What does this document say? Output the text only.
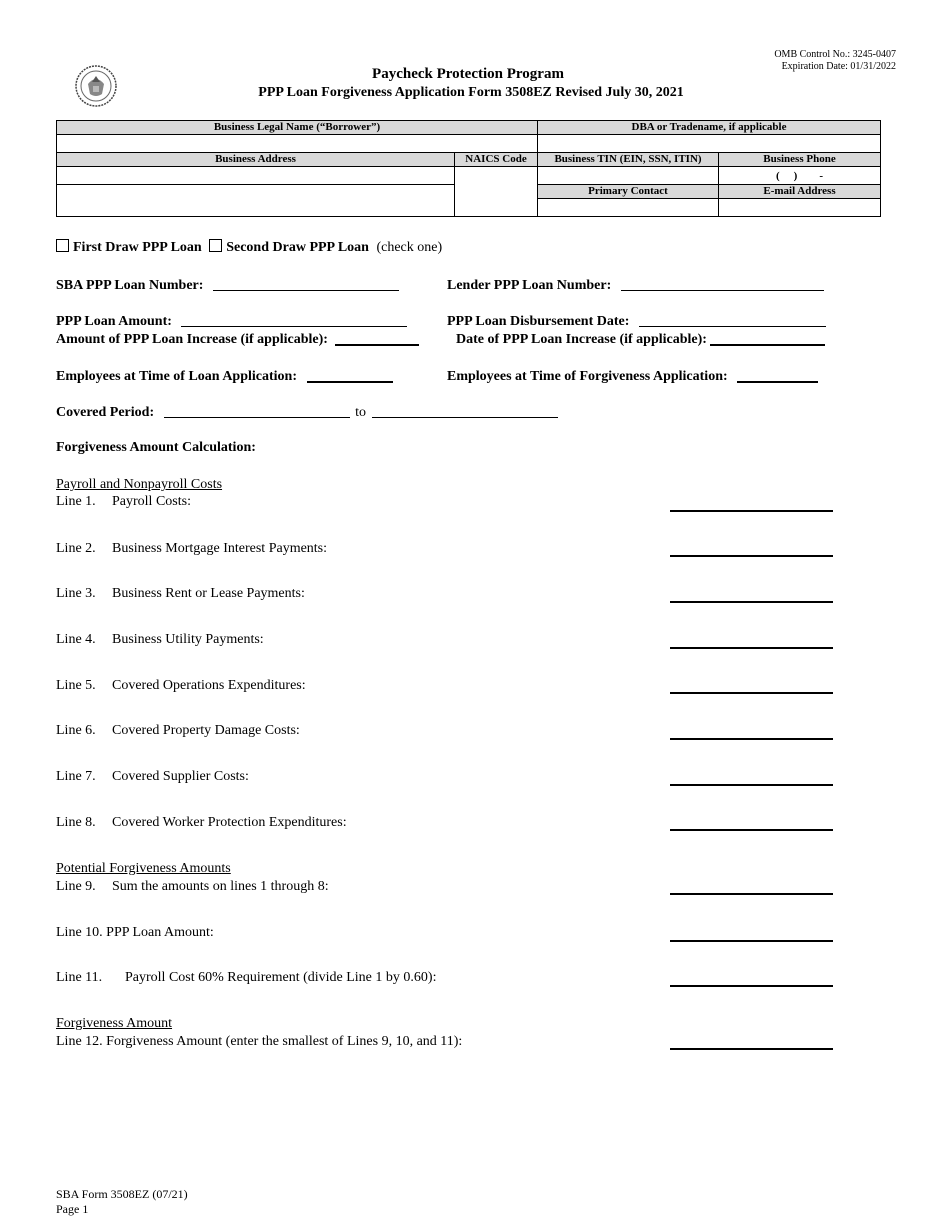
OMB Control No.: 3245-0407
Expiration Date: 01/31/2022
Paycheck Protection Program
PPP Loan Forgiveness Application Form 3508EZ Revised July 30, 2021
Business Legal Name (“Borrower”)		DBA or Tradename, if applicable	

Business Address	NAICS Code	Business TIN (EIN, SSN, ITIN)	Business Phone
			( ) -
		Primary Contact	E-mail Address

First Draw PPP Loan Second Draw PPP Loan (check one)
SBA PPP Loan Number:	Lender PPP Loan Number:
PPP Loan Amount:	PPP Loan Disbursement Date:
Amount of PPP Loan Increase (if applicable):	Date of PPP Loan Increase (if applicable):
Employees at Time of Loan Application:	Employees at Time of Forgiveness Application:
Covered Period:	to
Forgiveness Amount Calculation:
Payroll and Nonpayroll Costs
Potential Forgiveness Amounts
Forgiveness Amount
Line 1. Payroll Costs:
Line 2. Business Mortgage Interest Payments:
Line 3. Business Rent or Lease Payments:
Line 4. Business Utility Payments:
Line 5. Covered Operations Expenditures:
Line 6. Covered Property Damage Costs:
Line 7. Covered Supplier Costs:
Line 8. Covered Worker Protection Expenditures:
Line 9. Sum the amounts on lines 1 through 8:
Line 10. PPP Loan Amount:
Line 11. Payroll Cost 60% Requirement (divide Line 1 by 0.60):
Line 12. Forgiveness Amount (enter the smallest of Lines 9, 10, and 11):
SBA Form 3508EZ (07/21)
Page 1
